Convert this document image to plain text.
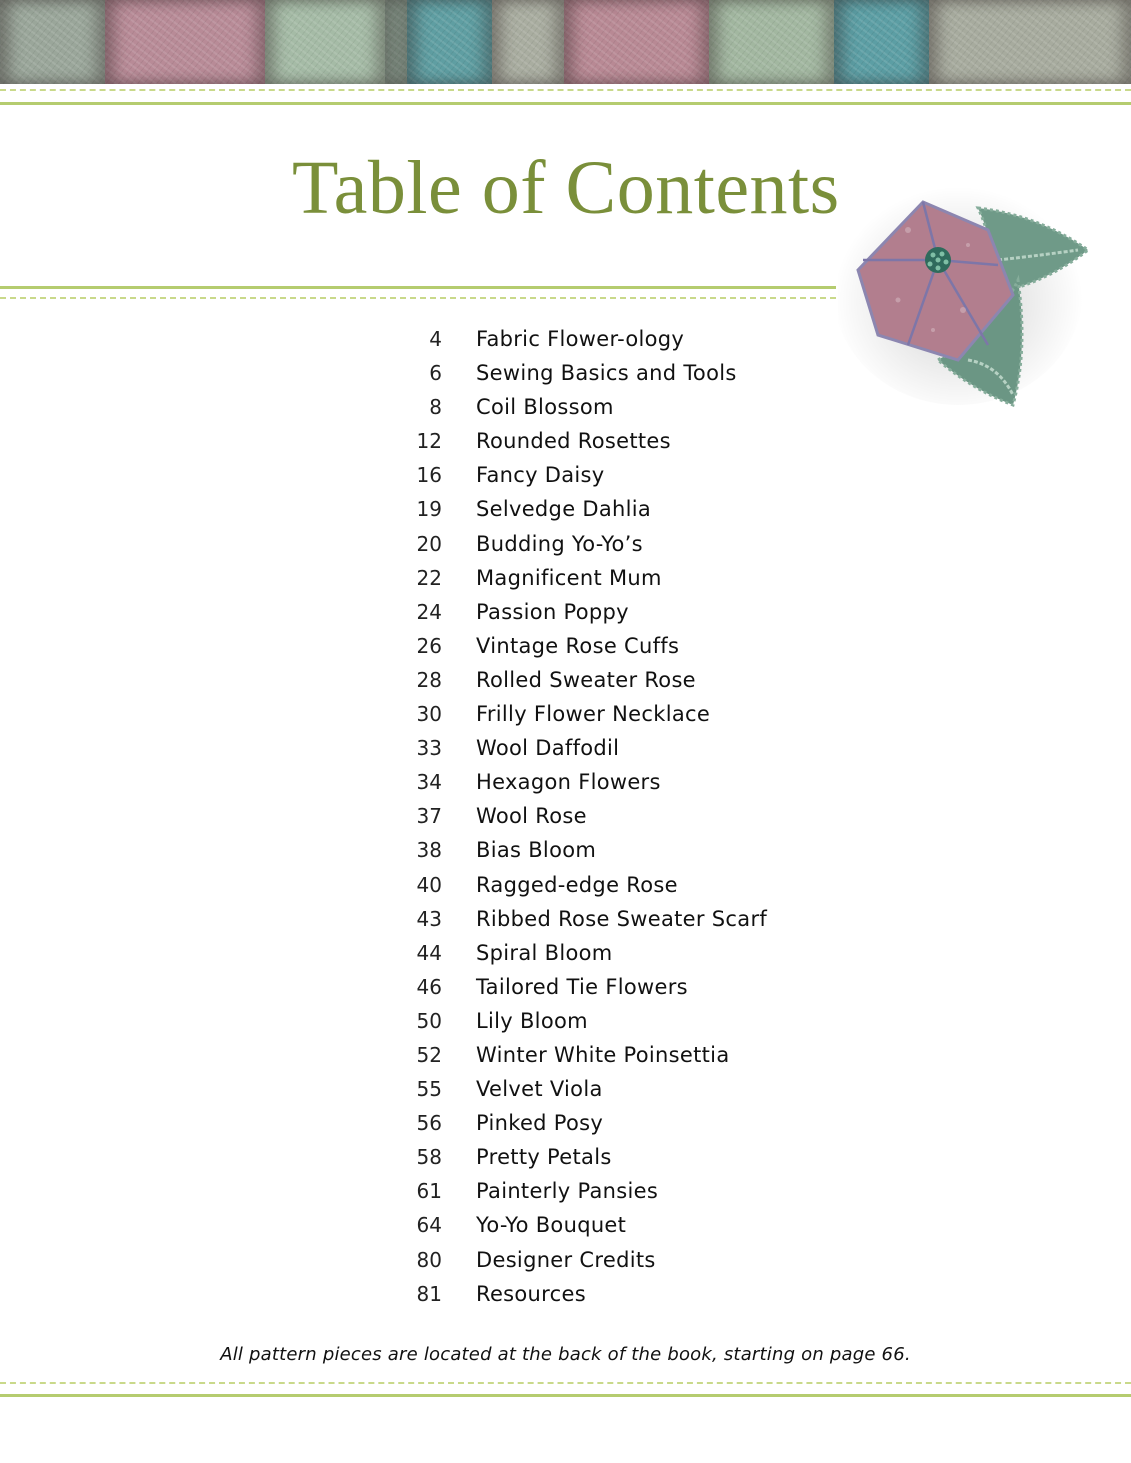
Table of Contents
4 Fabric Flower-ology
6 Sewing Basics and Tools
8 Coil Blossom
12 Rounded Rosettes
16 Fancy Daisy
19 Selvedge Dahlia
20 Budding Yo-Yo’s
22 Magnificent Mum
24 Passion Poppy
26 Vintage Rose Cuffs
28 Rolled Sweater Rose
30 Frilly Flower Necklace
33 Wool Daffodil
34 Hexagon Flowers
37 Wool Rose
38 Bias Bloom
40 Ragged-edge Rose
43 Ribbed Rose Sweater Scarf
44 Spiral Bloom
46 Tailored Tie Flowers
50 Lily Bloom
52 Winter White Poinsettia
55 Velvet Viola
56 Pinked Posy
58 Pretty Petals
61 Painterly Pansies
64 Yo-Yo Bouquet
80 Designer Credits
81 Resources

All pattern pieces are located at the back of the book, starting on page 66.
